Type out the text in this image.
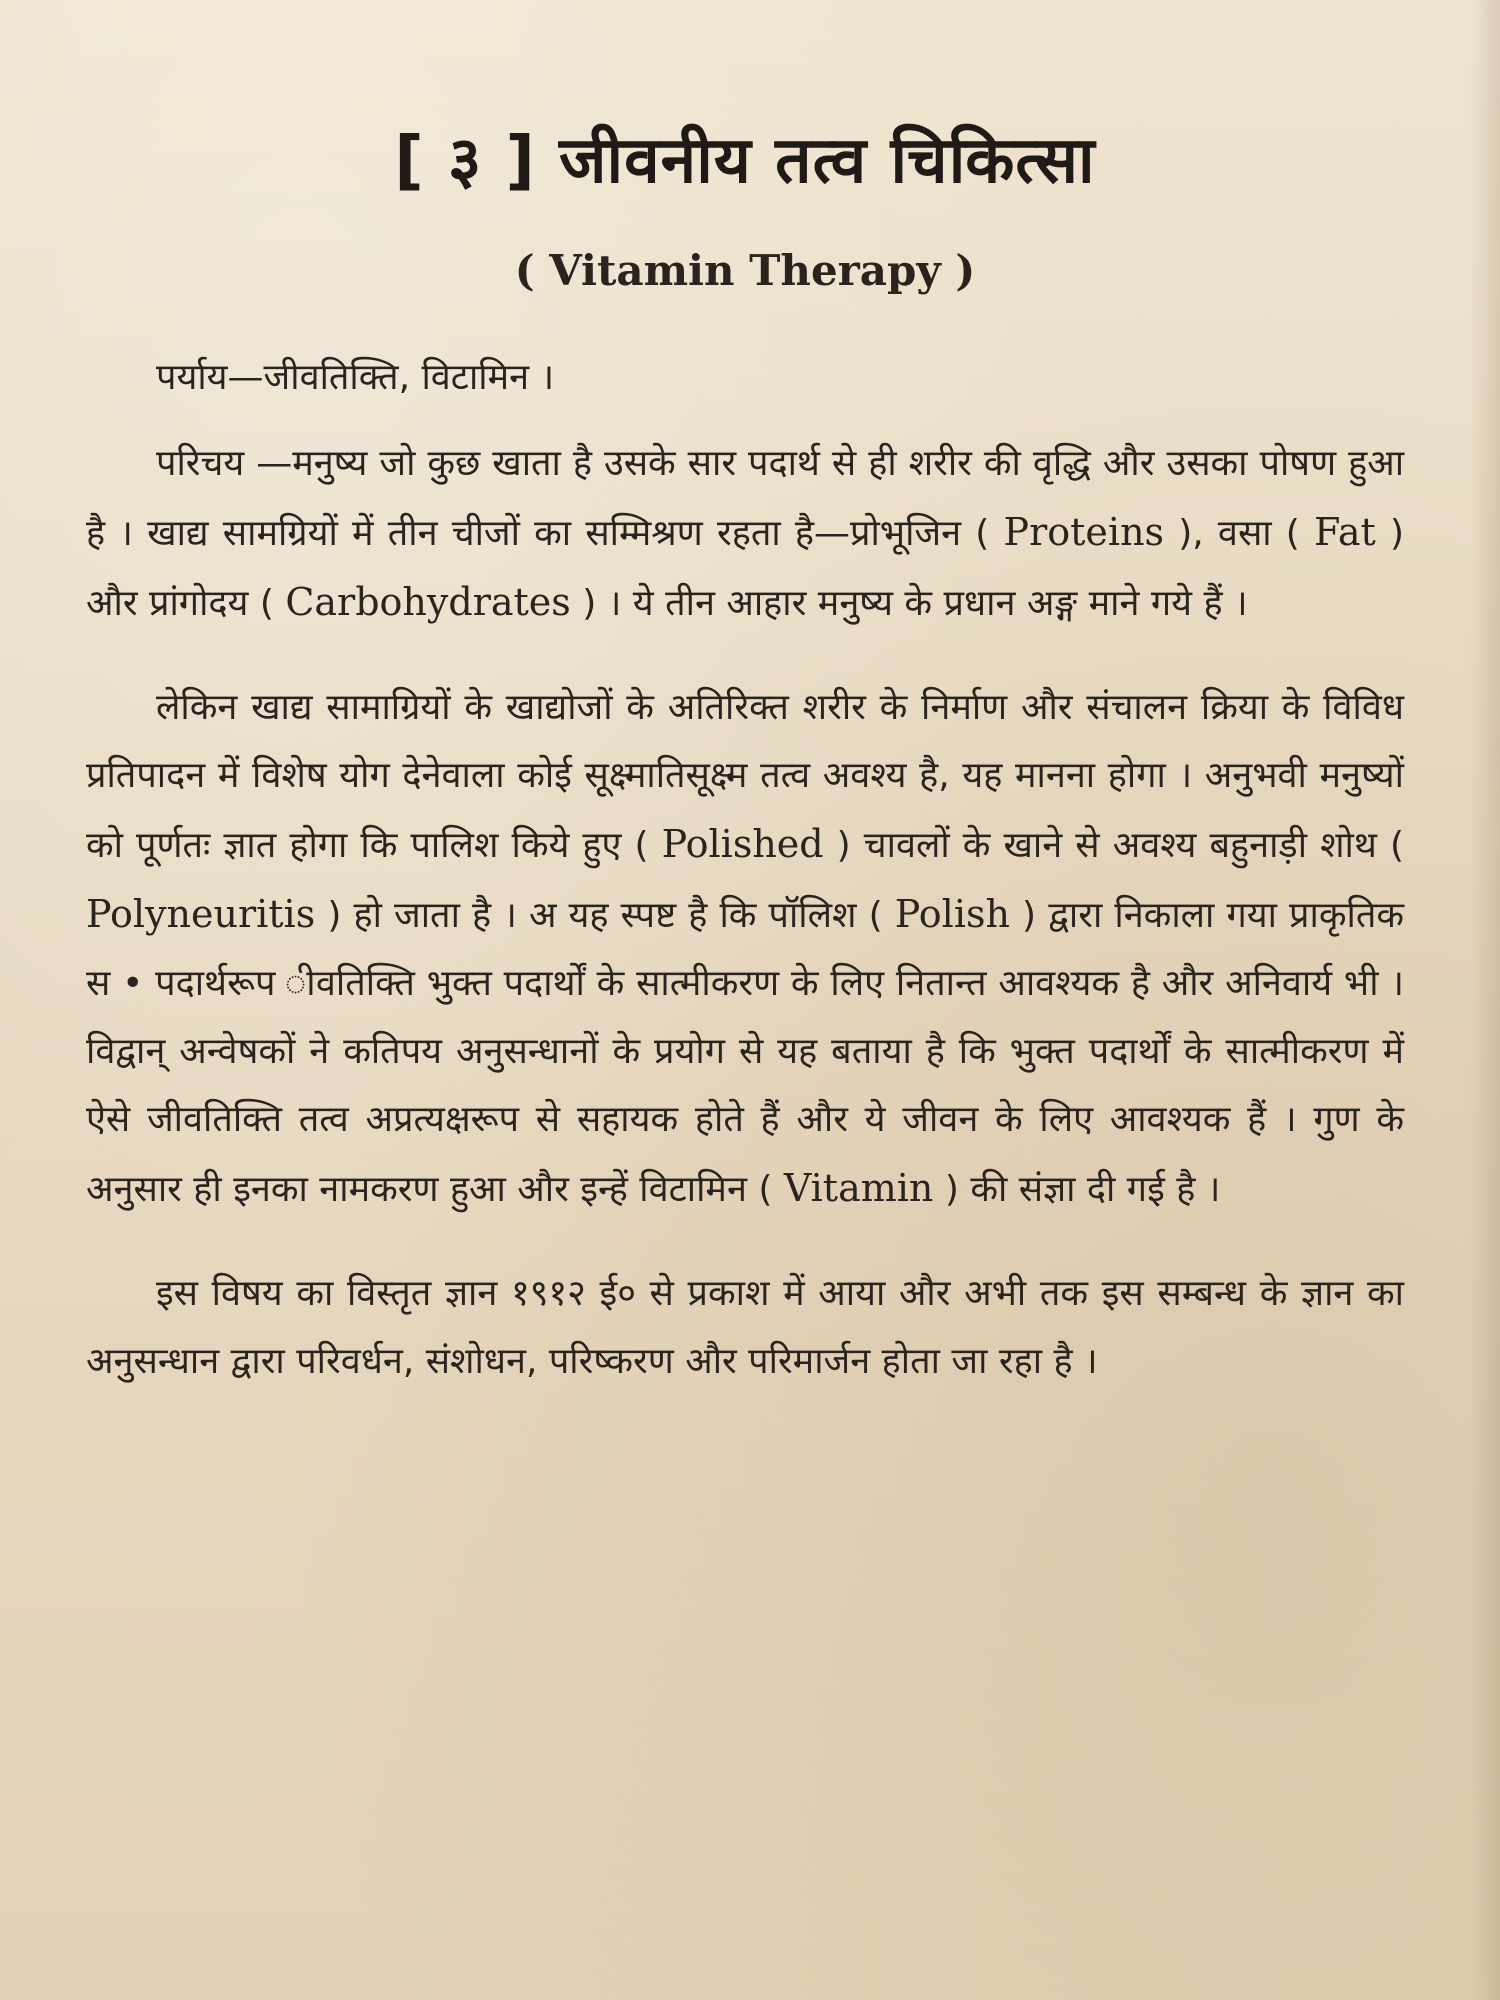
[ ३ ] जीवनीय तत्व चिकित्सा
( Vitamin Therapy )

पर्याय—जीवतिक्ति, विटामिन ।

परिचय —मनुष्य जो कुछ खाता है उसके सार पदार्थ से ही शरीर की वृद्धि और उसका पोषण हुआ है । खाद्य सामग्रियों में तीन चीजों का सम्मिश्रण रहता है—प्रोभूजिन ( Proteins ), वसा ( Fat ) और प्रांगोदय ( Carbohydrates ) । ये तीन आहार मनुष्य के प्रधान अङ्ग माने गये हैं ।

लेकिन खाद्य सामाग्रियों के खाद्योजों के अतिरिक्त शरीर के निर्माण और संचालन क्रिया के विविध प्रतिपादन में विशेष योग देनेवाला कोई सूक्ष्मातिसूक्ष्म तत्व अवश्य है, यह मानना होगा । अनुभवी मनुष्यों को पूर्णतः ज्ञात होगा कि पालिश किये हुए ( Polished ) चावलों के खाने से अवश्य बहुनाड़ी शोथ ( Polyneuritis ) हो जाता है । अ यह स्पष्ट है कि पॉलिश ( Polish ) द्वारा निकाला गया प्राकृतिक स • पदार्थरूप ीवतिक्ति भुक्त पदार्थों के सात्मीकरण के लिए नितान्त आवश्यक है और अनिवार्य भी । विद्वान् अन्वेषकों ने कतिपय अनुसन्धानों के प्रयोग से यह बताया है कि भुक्त पदार्थों के सात्मीकरण में ऐसे जीवतिक्ति तत्व अप्रत्यक्षरूप से सहायक होते हैं और ये जीवन के लिए आवश्यक हैं । गुण के अनुसार ही इनका नामकरण हुआ और इन्हें विटामिन ( Vitamin ) की संज्ञा दी गई है ।

इस विषय का विस्तृत ज्ञान १९१२ ई० से प्रकाश में आया और अभी तक इस सम्बन्ध के ज्ञान का अनुसन्धान द्वारा परिवर्धन, संशोधन, परिष्करण और परिमार्जन होता जा रहा है ।
